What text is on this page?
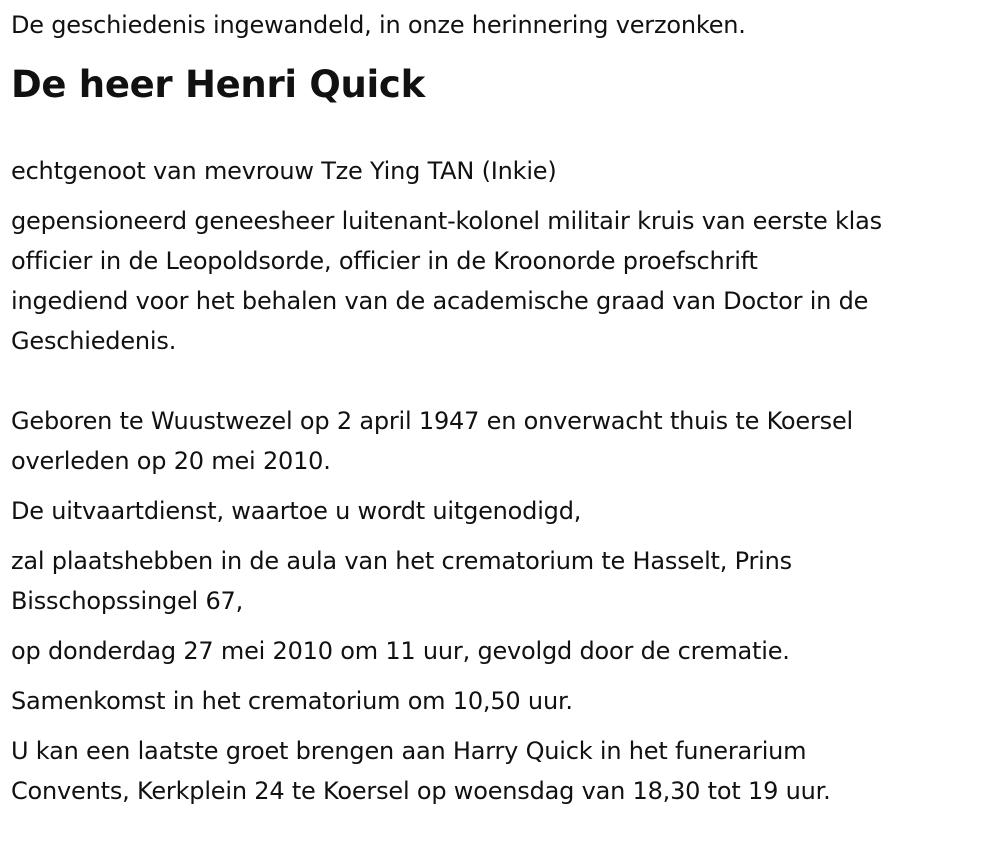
De geschiedenis ingewandeld, in onze herinnering verzonken.

De heer Henri Quick

echtgenoot van mevrouw Tze Ying TAN (Inkie)

gepensioneerd geneesheer luitenant-kolonel militair kruis van eerste klas

officier in de Leopoldsorde, officier in de Kroonorde proefschrift

ingediend voor het behalen van de academische graad van Doctor in de

Geschiedenis.

Geboren te Wuustwezel op 2 april 1947 en onverwacht thuis te Koersel

overleden op 20 mei 2010.

De uitvaartdienst, waartoe u wordt uitgenodigd,

zal plaatshebben in de aula van het crematorium te Hasselt, Prins

Bisschopssingel 67,

op donderdag 27 mei 2010 om 11 uur, gevolgd door de crematie.

Samenkomst in het crematorium om 10,50 uur.

U kan een laatste groet brengen aan Harry Quick in het funerarium

Convents, Kerkplein 24 te Koersel op woensdag van 18,30 tot 19 uur.
